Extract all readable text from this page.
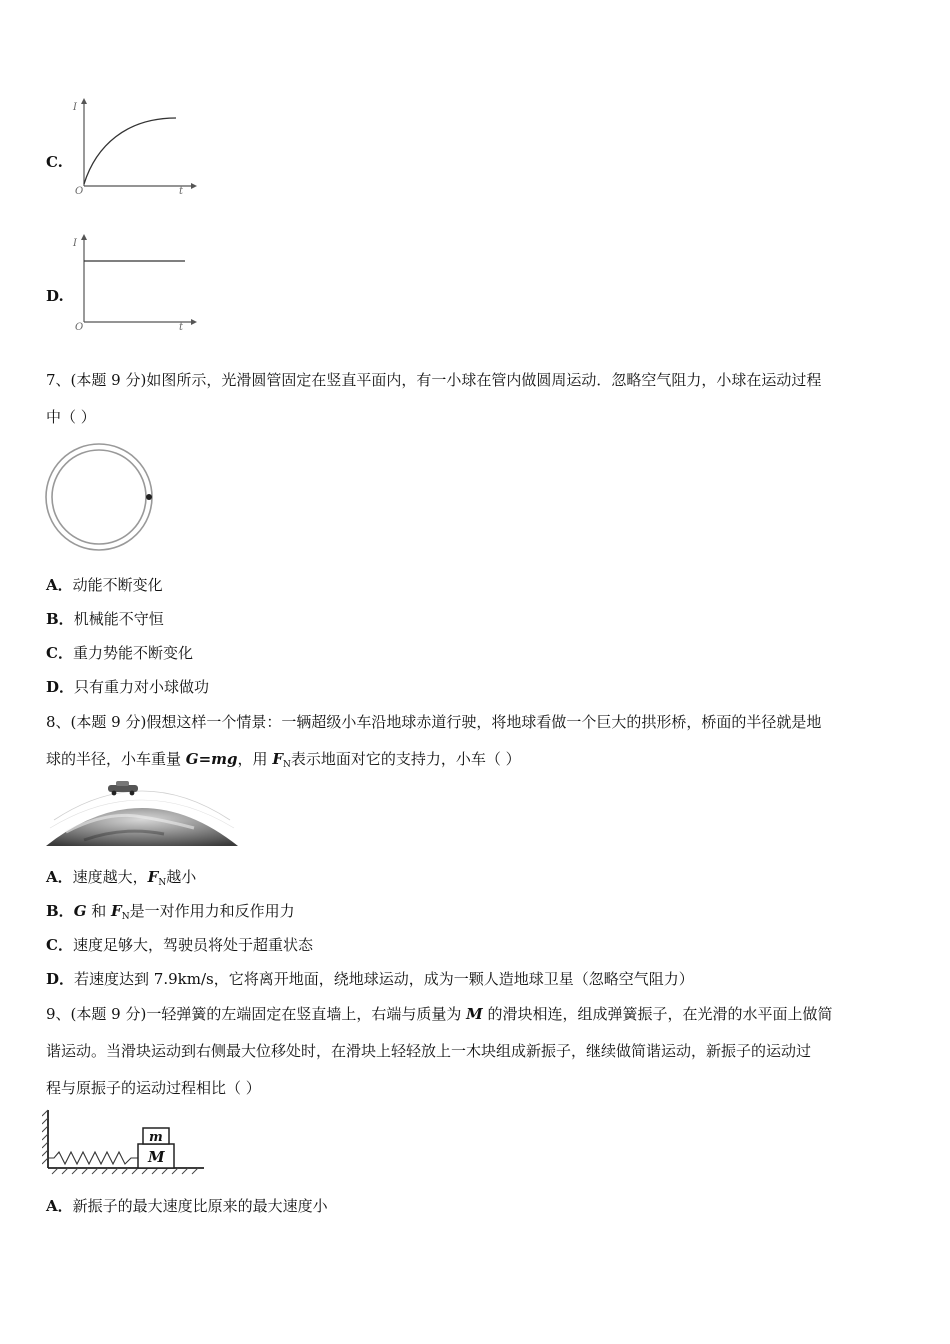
C.
I
O	t
D.
I
O	t
7、(本题 9 分)如图所示，光滑圆管固定在竖直平面内，有一小球在管内做圆周运动．忽略空气阻力，小球在运动过程
中（ ）
A．动能不断变化
B．机械能不守恒
C．重力势能不断变化
D．只有重力对小球做功
8、(本题 9 分)假想这样一个情景：一辆超级小车沿地球赤道行驶，将地球看做一个巨大的拱形桥，桥面的半径就是地
球的半径，小车重量 G=mg，用 $F_N$表示地面对它的支持力，小车（ ）
A．速度越大，$F_N$越小
B．G 和 $F_N$是一对作用力和反作用力
C．速度足够大，驾驶员将处于超重状态
D．若速度达到 7.9km/s，它将离开地面，绕地球运动，成为一颗人造地球卫星（忽略空气阻力）
9、(本题 9 分)一轻弹簧的左端固定在竖直墙上，右端与质量为 M 的滑块相连，组成弹簧振子，在光滑的水平面上做简
谐运动。当滑块运动到右侧最大位移处时，在滑块上轻轻放上一木块组成新振子，继续做简谐运动，新振子的运动过
程与原振子的运动过程相比（ ）
M
m
A．新振子的最大速度比原来的最大速度小
